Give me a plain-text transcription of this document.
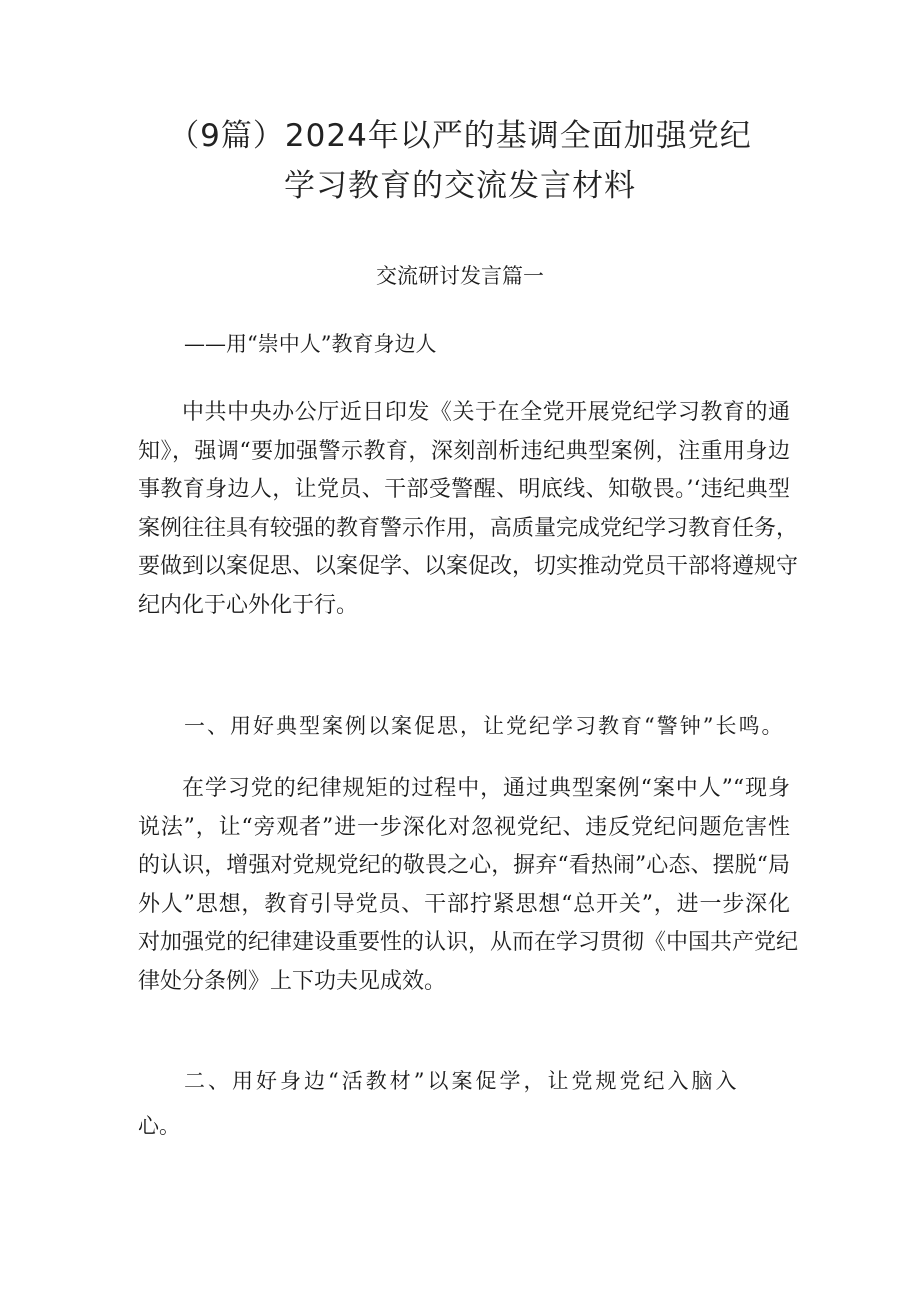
（9篇）2024年以严的基调全面加强党纪
学习教育的交流发言材料
交流研讨发言篇一
——用“崇中人”教育身边人
中共中央办公厅近日印发《关于在全党开展党纪学习教育的通
知》，强调“要加强警示教育，深刻剖析违纪典型案例，注重用身边
事教育身边人，让党员、干部受警醒、明底线、知敬畏。’‘违纪典型
案例往往具有较强的教育警示作用，高质量完成党纪学习教育任务，
要做到以案促思、以案促学、以案促改，切实推动党员干部将遵规守
纪内化于心外化于行。
一、用好典型案例以案促思，让党纪学习教育“警钟”长鸣。
在学习党的纪律规矩的过程中，通过典型案例“案中人”“现身
说法”，让“旁观者”进一步深化对忽视党纪、违反党纪问题危害性
的认识，增强对党规党纪的敬畏之心，摒弃“看热闹”心态、摆脱“局
外人”思想，教育引导党员、干部拧紧思想“总开关”，进一步深化
对加强党的纪律建设重要性的认识，从而在学习贯彻《中国共产党纪
律处分条例》上下功夫见成效。
二、用好身边“活教材”以案促学，让党规党纪入脑入
心。
